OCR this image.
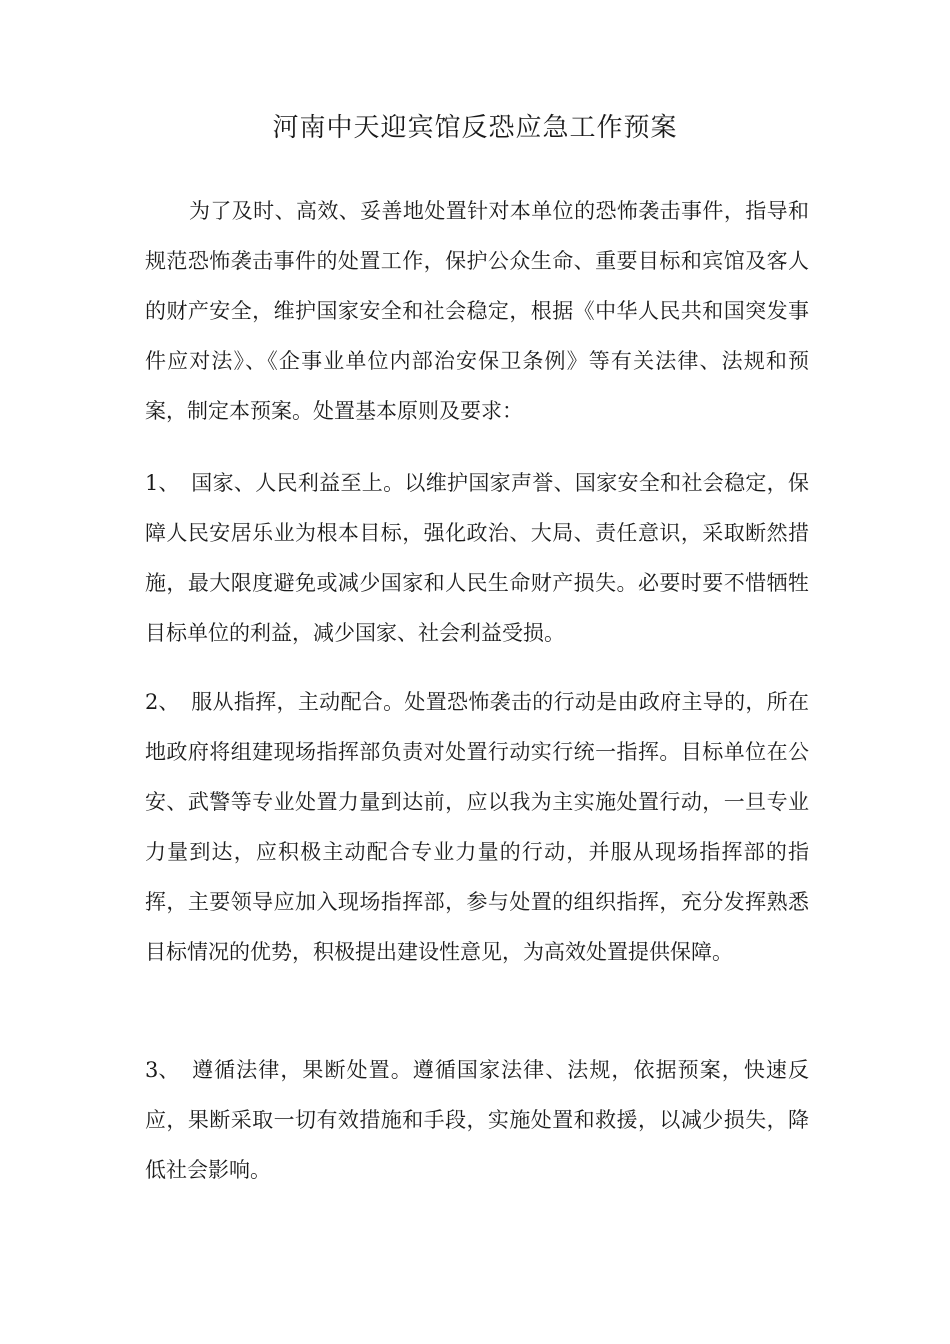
河南中天迎宾馆反恐应急工作预案

为了及时、高效、妥善地处置针对本单位的恐怖袭击事件，指导和规范恐怖袭击事件的处置工作，保护公众生命、重要目标和宾馆及客人的财产安全，维护国家安全和社会稳定，根据《中华人民共和国突发事件应对法》、《企事业单位内部治安保卫条例》等有关法律、法规和预案，制定本预案。处置基本原则及要求：

1、 国家、人民利益至上。以维护国家声誉、国家安全和社会稳定，保障人民安居乐业为根本目标，强化政治、大局、责任意识，采取断然措施，最大限度避免或减少国家和人民生命财产损失。必要时要不惜牺牲目标单位的利益，减少国家、社会利益受损。

2、 服从指挥，主动配合。处置恐怖袭击的行动是由政府主导的，所在地政府将组建现场指挥部负责对处置行动实行统一指挥。目标单位在公安、武警等专业处置力量到达前，应以我为主实施处置行动，一旦专业力量到达，应积极主动配合专业力量的行动，并服从现场指挥部的指挥，主要领导应加入现场指挥部，参与处置的组织指挥，充分发挥熟悉目标情况的优势，积极提出建设性意见，为高效处置提供保障。

3、 遵循法律，果断处置。遵循国家法律、法规，依据预案，快速反应，果断采取一切有效措施和手段，实施处置和救援，以减少损失，降低社会影响。
